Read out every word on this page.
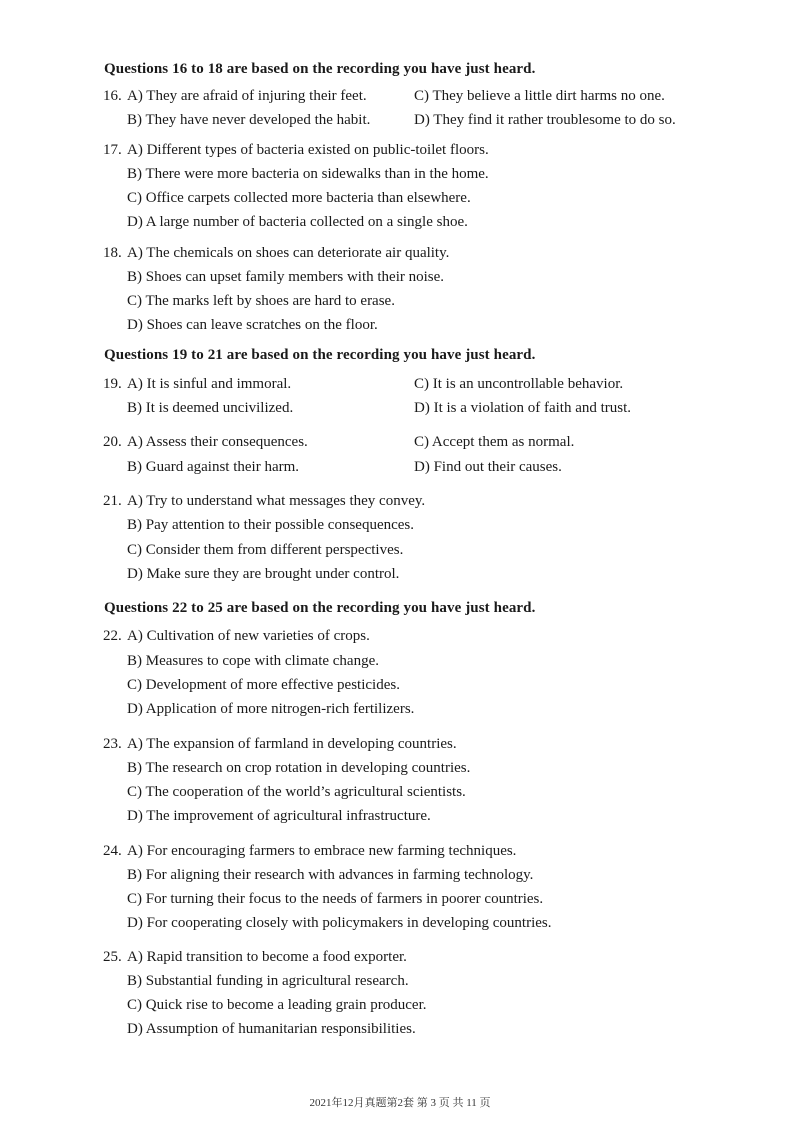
Questions 16 to 18 are based on the recording you have just heard.
16. A) They are afraid of injuring their feet.	C) They believe a little dirt harms no one.
B) They have never developed the habit.	D) They find it rather troublesome to do so.
17. A) Different types of bacteria existed on public-toilet floors.
B) There were more bacteria on sidewalks than in the home.
C) Office carpets collected more bacteria than elsewhere.
D) A large number of bacteria collected on a single shoe.
18. A) The chemicals on shoes can deteriorate air quality.
B) Shoes can upset family members with their noise.
C) The marks left by shoes are hard to erase.
D) Shoes can leave scratches on the floor.
Questions 19 to 21 are based on the recording you have just heard.
19. A) It is sinful and immoral.	C) It is an uncontrollable behavior.
B) It is deemed uncivilized.	D) It is a violation of faith and trust.
20. A) Assess their consequences.	C) Accept them as normal.
B) Guard against their harm.	D) Find out their causes.
21. A) Try to understand what messages they convey.
B) Pay attention to their possible consequences.
C) Consider them from different perspectives.
D) Make sure they are brought under control.
Questions 22 to 25 are based on the recording you have just heard.
22. A) Cultivation of new varieties of crops.
B) Measures to cope with climate change.
C) Development of more effective pesticides.
D) Application of more nitrogen-rich fertilizers.
23. A) The expansion of farmland in developing countries.
B) The research on crop rotation in developing countries.
C) The cooperation of the world’s agricultural scientists.
D) The improvement of agricultural infrastructure.
24. A) For encouraging farmers to embrace new farming techniques.
B) For aligning their research with advances in farming technology.
C) For turning their focus to the needs of farmers in poorer countries.
D) For cooperating closely with policymakers in developing countries.
25. A) Rapid transition to become a food exporter.
B) Substantial funding in agricultural research.
C) Quick rise to become a leading grain producer.
D) Assumption of humanitarian responsibilities.
2021年12月真题第2套 第 3 页 共 11 页
